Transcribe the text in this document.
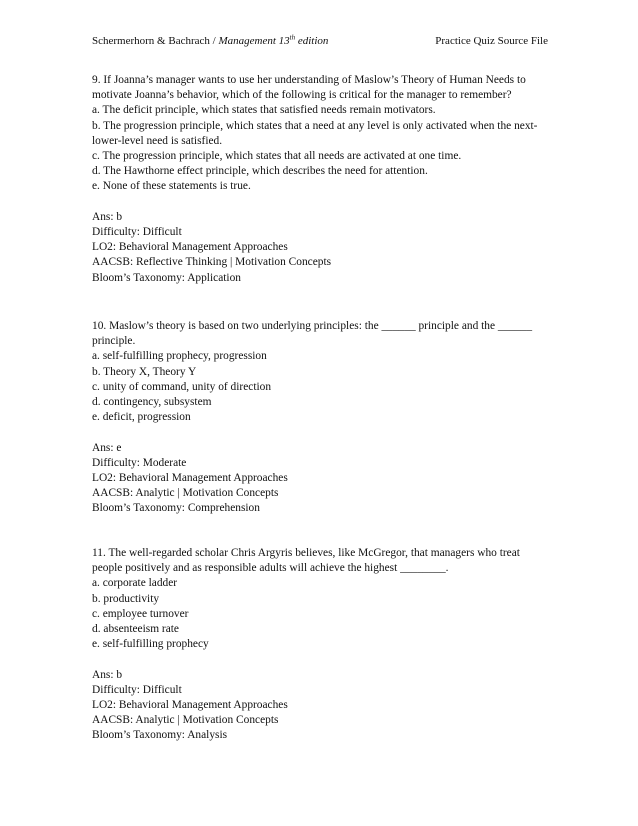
Schermerhorn & Bachrach / Management 13th edition	Practice Quiz Source File
9. If Joanna’s manager wants to use her understanding of Maslow’s Theory of Human Needs to
motivate Joanna’s behavior, which of the following is critical for the manager to remember?
a. The deficit principle, which states that satisfied needs remain motivators.
b. The progression principle, which states that a need at any level is only activated when the next-
lower-level need is satisfied.
c. The progression principle, which states that all needs are activated at one time.
d. The Hawthorne effect principle, which describes the need for attention.
e. None of these statements is true.
Ans: b
Difficulty: Difficult
LO2: Behavioral Management Approaches
AACSB: Reflective Thinking | Motivation Concepts
Bloom’s Taxonomy: Application
10. Maslow’s theory is based on two underlying principles: the ______ principle and the ______
principle.
a. self-fulfilling prophecy, progression
b. Theory X, Theory Y
c. unity of command, unity of direction
d. contingency, subsystem
e. deficit, progression
Ans: e
Difficulty: Moderate
LO2: Behavioral Management Approaches
AACSB: Analytic | Motivation Concepts
Bloom’s Taxonomy: Comprehension
11. The well-regarded scholar Chris Argyris believes, like McGregor, that managers who treat
people positively and as responsible adults will achieve the highest ________.
a. corporate ladder
b. productivity
c. employee turnover
d. absenteeism rate
e. self-fulfilling prophecy
Ans: b
Difficulty: Difficult
LO2: Behavioral Management Approaches
AACSB: Analytic | Motivation Concepts
Bloom’s Taxonomy: Analysis
